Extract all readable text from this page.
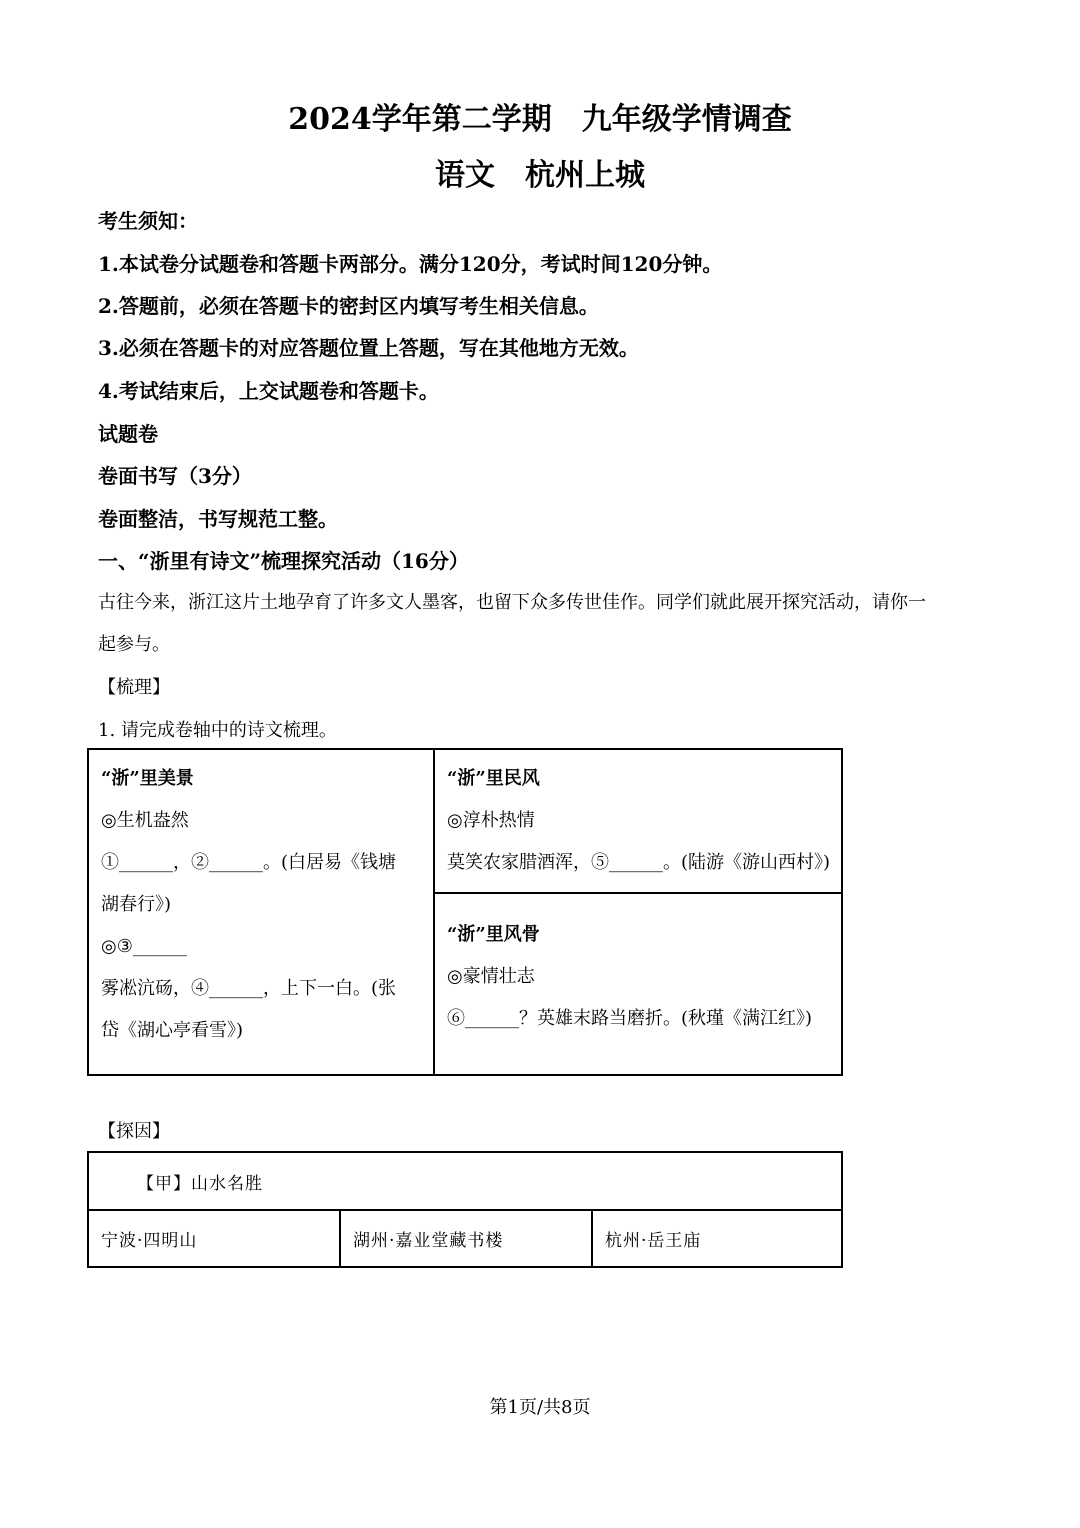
2024学年第二学期　九年级学情调查
语文　杭州上城
考生须知：
1.本试卷分试题卷和答题卡两部分。满分120分，考试时间120分钟。
2.答题前，必须在答题卡的密封区内填写考生相关信息。
3.必须在答题卡的对应答题位置上答题，写在其他地方无效。
4.考试结束后，上交试题卷和答题卡。
试题卷
卷面书写（3分）
卷面整洁，书写规范工整。
一、“浙里有诗文”梳理探究活动（16分）
古往今来，浙江这片土地孕育了许多文人墨客，也留下众多传世佳作。同学们就此展开探究活动，请你一
起参与。
【梳理】
1. 请完成卷轴中的诗文梳理。
“浙”里美景
◎生机盎然
①______，②______。(白居易《钱塘
湖春行》)
◎③______
雾凇沆砀，④______，上下一白。(张
岱《湖心亭看雪》)

“浙”里民风
◎淳朴热情
莫笑农家腊酒浑，⑤______。(陆游《游山西村》)

“浙”里风骨
◎豪情壮志
⑥______？英雄末路当磨折。(秋瑾《满江红》)
【探因】
【甲】山水名胜
宁波·四明山	湖州·嘉业堂藏书楼	杭州·岳王庙
第1页/共8页
